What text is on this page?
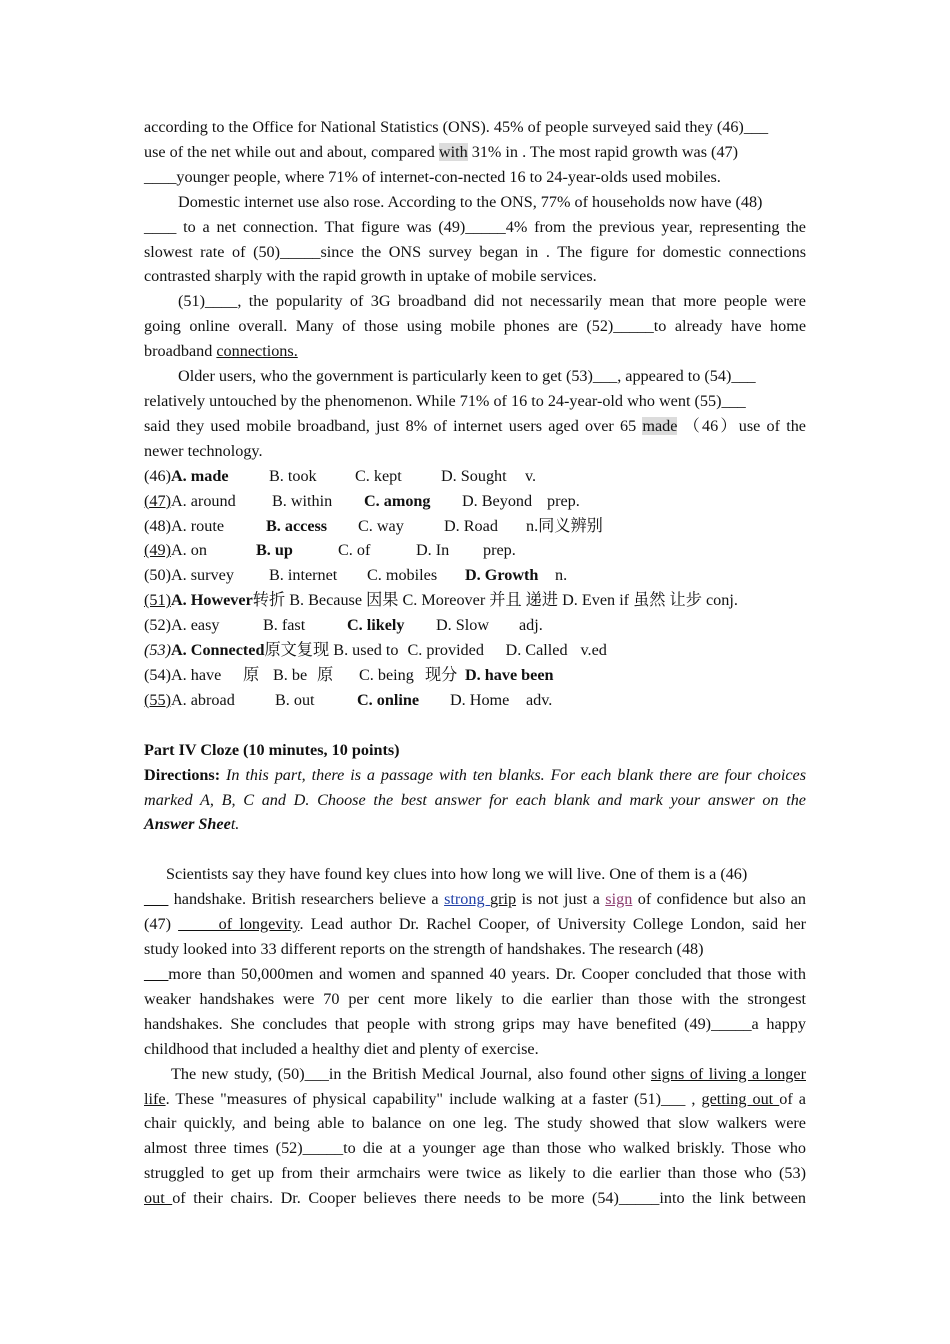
according to the Office for National Statistics (ONS). 45% of people surveyed said they (46)___
use of the net while out and about, compared with 31% in . The most rapid growth was (47)
____younger people, where 71% of internet-con-nected 16 to 24-year-olds used mobiles.
Domestic internet use also rose. According to the ONS, 77% of households now have (48)
____ to a net connection. That figure was (49)_____4% from the previous year, representing the
slowest rate of (50)_____since the ONS survey began in . The figure for domestic connections
contrasted sharply with the rapid growth in uptake of mobile services.
(51)____, the popularity of 3G broadband did not necessarily mean that more people were
going online overall. Many of those using mobile phones are (52)_____to already have home
broadband connections.
Older users, who the government is particularly keen to get (53)___, appeared to (54)___
relatively untouched by the phenomenon. While 71% of 16 to 24-year-old who went (55)___
said they used mobile broadband, just 8% of internet users aged over 65 made （46）use of the
newer technology.
(46)A. made B. took C. kept D. Sought v.
(47)A. around B. within C. among D. Beyond prep.
(48)A. route	B. access C. way D. Road n.同义辨别
(49)A. on	B. up	C. of	D. In prep.
(50)A. survey B. internet C. mobiles D. Growth n.
(51)A. However转折 B. Because 因果 C. Moreover 并且 递进 D. Even if 虽然 让步 conj.
(52)A. easy	B. fast	C. likely D. Slow adj.
(53)A. Connected原文复现 B. used to C. provided D. Called v.ed
(54)A. have 原 B. be 原 C. being 现分 D. have been
(55)A. abroad B. out	C. online D. Home adv.
Part IV Cloze (10 minutes, 10 points)
Directions: In this part, there is a passage with ten blanks. For each blank there are four choices
marked A, B, C and D. Choose the best answer for each blank and mark your answer on the
Answer Sheet.
Scientists say they have found key clues into how long we will live. One of them is a (46)
___ handshake. British researchers believe a strong grip is not just a sign of confidence but also an
(47) _____of longevity. Lead author Dr. Rachel Cooper, of University College London, said her
study looked into 33 different reports on the strength of handshakes. The research (48)
___more than 50,000men and women and spanned 40 years. Dr. Cooper concluded that those with
weaker handshakes were 70 per cent more likely to die earlier than those with the strongest
handshakes. She concludes that people with strong grips may have benefited (49)_____a happy
childhood that included a healthy diet and plenty of exercise.
The new study, (50)___in the British Medical Journal, also found other signs of living a longer
life. These "measures of physical capability" include walking at a faster (51)___ , getting out of a
chair quickly, and being able to balance on one leg. The study showed that slow walkers were
almost three times (52)_____to die at a younger age than those who walked briskly. Those who
struggled to get up from their armchairs were twice as likely to die earlier than those who (53)
out of their chairs. Dr. Cooper believes there needs to be more (54)_____into the link between
